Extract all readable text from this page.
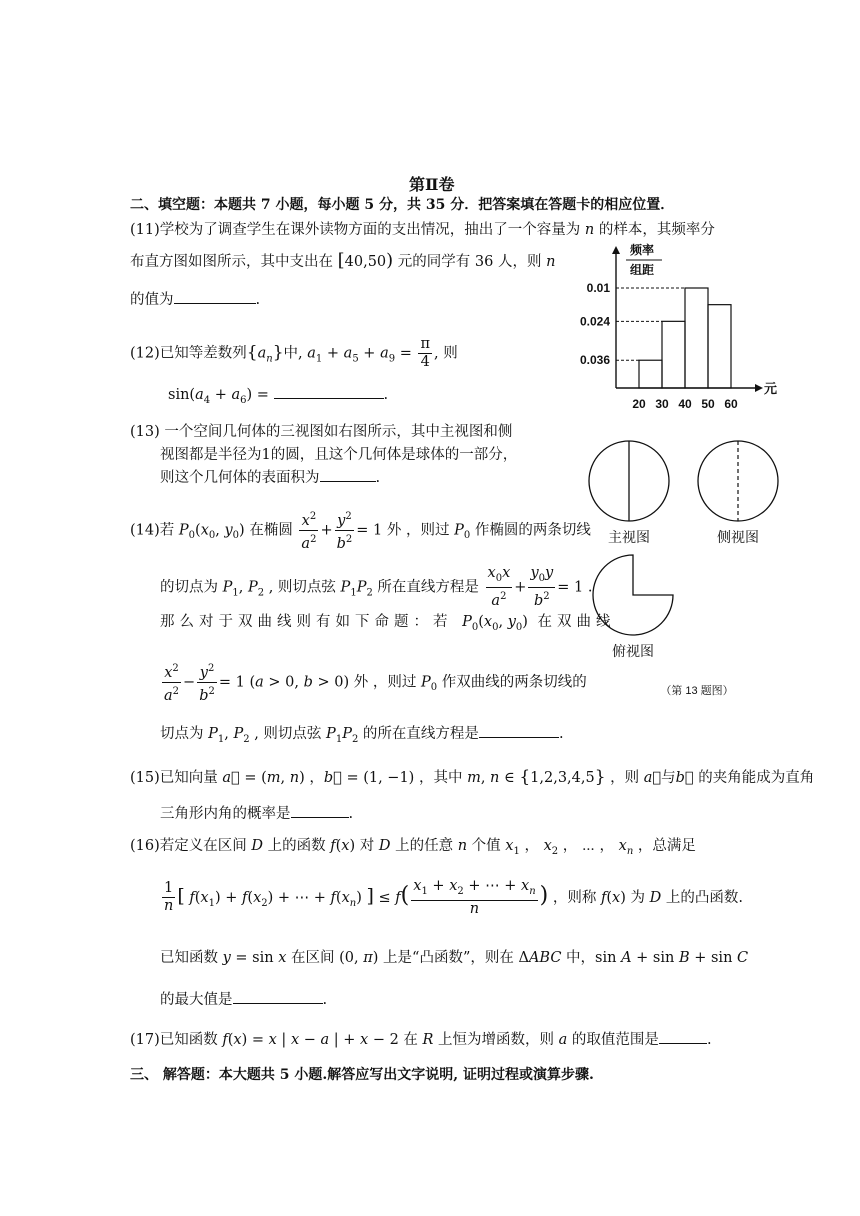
第Ⅱ卷
二、填空题：本题共 7 小题，每小题 5 分，共 35 分．把答案填在答题卡的相应位置．
(11)学校为了调查学生在课外读物方面的支出情况，抽出了一个容量为 n 的样本，其频率分
布直方图如图所示，其中支出在 [40,50) 元的同学有 36 人，则 n
的值为	.
(12)已知等差数列$\{a_n\}$中, $a_1 + a_5 + a_9 = \frac{\pi}{4}$ , 则
$\sin(a_4 + a_6)$ =	.
(13) 一个空间几何体的三视图如右图所示，其中主视图和侧
视图都是半径为1的圆，且这个几何体是球体的一部分，
则这个几何体的表面积为	.
(14)若 $P_0(x_0$, $y_0$) 在椭圆 $\frac{x^2}{a^2} + \frac{y^2}{b^2} = 1$ 外 ，则过 $P_0$ 作椭圆的两条切线
的切点为 $P_1$, $P_2$ , 则切点弦 $P_1P_2$ 所在直线方程是 $\frac{x_0x}{a^2} + \frac{y_0y}{b^2} = 1$ .
那么对于双曲线则有如下命题：若 $P_0(x_0$, $y_0$) 在双曲线
$\frac{x^2}{a^2} - \frac{y^2}{b^2} = 1$ (a > 0, b > 0) 外 ，则过 $P_0$ 作双曲线的两条切线的
切点为 $P_1$, $P_2$ , 则切点弦 $P_1P_2$ 的所在直线方程是	.
(15)已知向量 a⃗ = (m, n) ，b⃗ = (1, −1) ，其中 m, n ∈ {1,2,3,4,5} ，则 a⃗与b⃗ 的夹角能成为直角
三角形内角的概率是	.
(16)若定义在区间 D 上的函数 f(x) 对 D 上的任意 n 个值 $x_1$ ， $x_2$ ， ⋯ ， $x_n$ ，总满足
$\frac{1}{n}$ [ $f(x_1) + f(x_2)$ + ⋯ + $f(x_n)$ ] ≤ $f( \frac{x_1 + x_2 + \cdots + x_n}{n}$ ) ，则称 f(x) 为 D 上的凸函数.
已知函数 y = sin x 在区间 (0, π) 上是“凸函数”，则在 ΔABC 中，sin A + sin B + sin C
的最大值是	.
(17)已知函数 f(x) = x | x − a | + x − 2 在 R 上恒为增函数，则 a 的取值范围是	.
三、 解答题：本大题共 5 小题.解答应写出文字说明, 证明过程或演算步骤.
元
频率
组距
0.036
0.024
0.01
20 30 40 50 60
主视图	侧视图
俯视图
（第 13 题图）
